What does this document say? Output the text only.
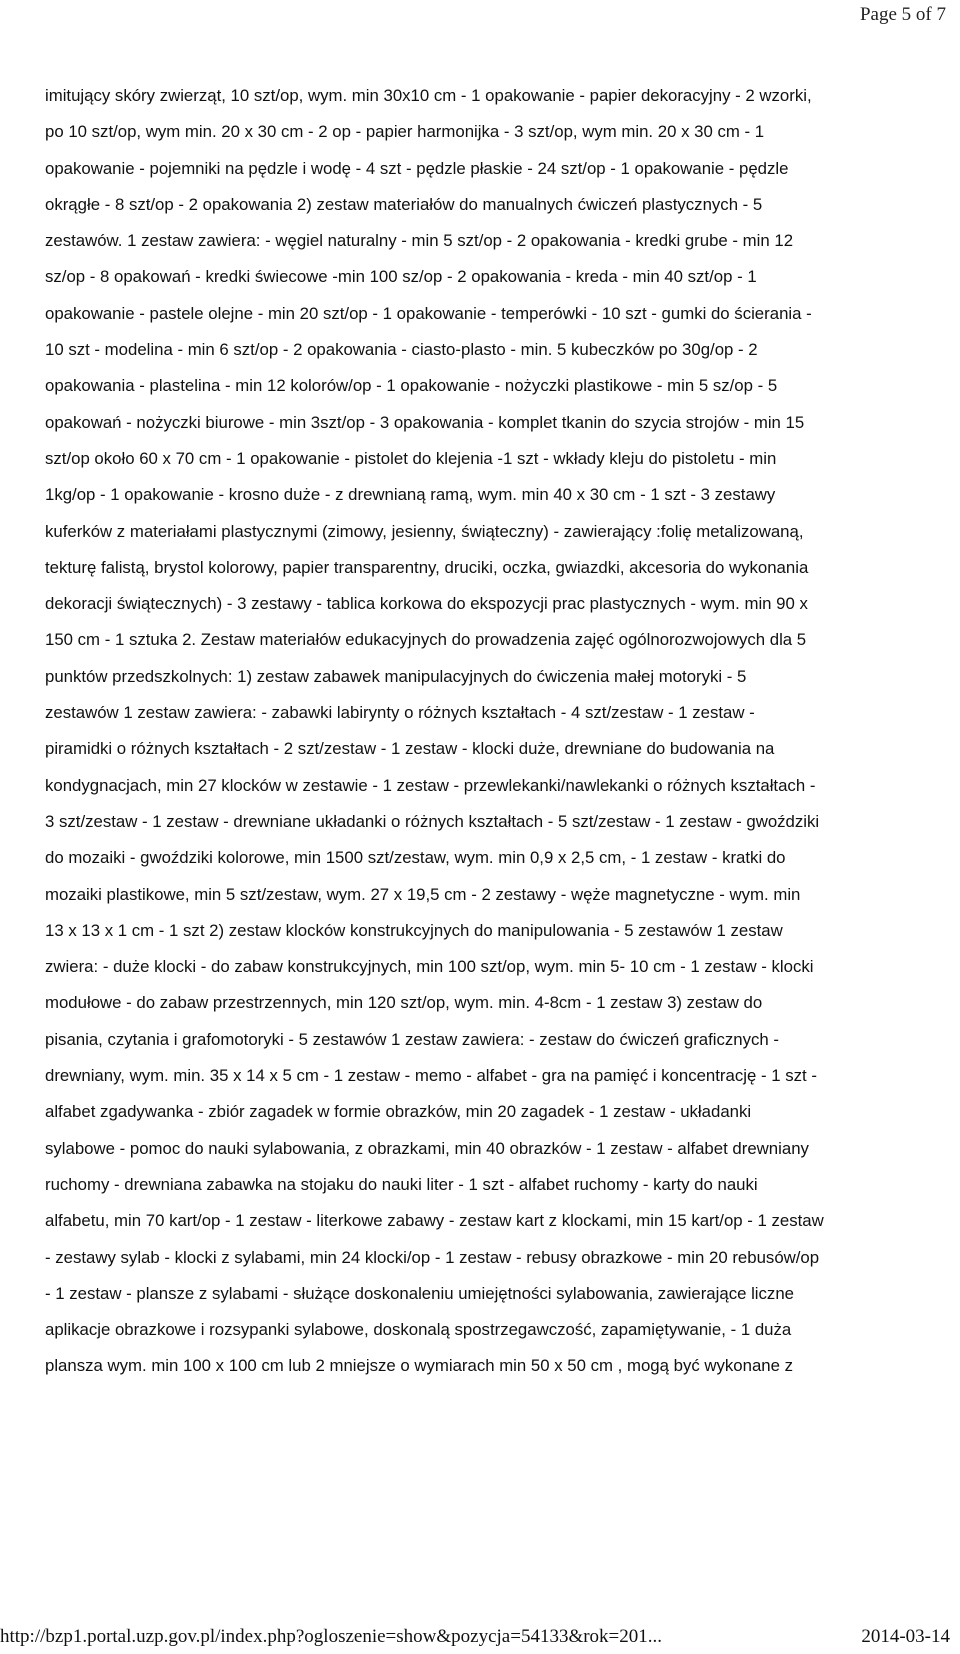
Page 5 of 7
imitujący skóry zwierząt, 10 szt/op, wym. min 30x10 cm - 1 opakowanie - papier dekoracyjny - 2 wzorki,
po 10 szt/op, wym min. 20 x 30 cm - 2 op - papier harmonijka - 3 szt/op, wym min. 20 x 30 cm - 1
opakowanie - pojemniki na pędzle i wodę - 4 szt - pędzle płaskie - 24 szt/op - 1 opakowanie - pędzle
okrągłe - 8 szt/op - 2 opakowania 2) zestaw materiałów do manualnych ćwiczeń plastycznych - 5
zestawów. 1 zestaw zawiera: - węgiel naturalny - min 5 szt/op - 2 opakowania - kredki grube - min 12
sz/op - 8 opakowań - kredki świecowe -min 100 sz/op - 2 opakowania - kreda - min 40 szt/op - 1
opakowanie - pastele olejne - min 20 szt/op - 1 opakowanie - temperówki - 10 szt - gumki do ścierania -
10 szt - modelina - min 6 szt/op - 2 opakowania - ciasto-plasto - min. 5 kubeczków po 30g/op - 2
opakowania - plastelina - min 12 kolorów/op - 1 opakowanie - nożyczki plastikowe - min 5 sz/op - 5
opakowań - nożyczki biurowe - min 3szt/op - 3 opakowania - komplet tkanin do szycia strojów - min 15
szt/op około 60 x 70 cm - 1 opakowanie - pistolet do klejenia -1 szt - wkłady kleju do pistoletu - min
1kg/op - 1 opakowanie - krosno duże - z drewnianą ramą, wym. min 40 x 30 cm - 1 szt - 3 zestawy
kuferków z materiałami plastycznymi (zimowy, jesienny, świąteczny) - zawierający :folię metalizowaną,
tekturę falistą, brystol kolorowy, papier transparentny, druciki, oczka, gwiazdki, akcesoria do wykonania
dekoracji świątecznych) - 3 zestawy - tablica korkowa do ekspozycji prac plastycznych - wym. min 90 x
150 cm - 1 sztuka 2. Zestaw materiałów edukacyjnych do prowadzenia zajęć ogólnorozwojowych dla 5
punktów przedszkolnych: 1) zestaw zabawek manipulacyjnych do ćwiczenia małej motoryki - 5
zestawów 1 zestaw zawiera: - zabawki labirynty o różnych kształtach - 4 szt/zestaw - 1 zestaw -
piramidki o różnych kształtach - 2 szt/zestaw - 1 zestaw - klocki duże, drewniane do budowania na
kondygnacjach, min 27 klocków w zestawie - 1 zestaw - przewlekanki/nawlekanki o różnych kształtach -
3 szt/zestaw - 1 zestaw - drewniane układanki o różnych kształtach - 5 szt/zestaw - 1 zestaw - gwoździki
do mozaiki - gwoździki kolorowe, min 1500 szt/zestaw, wym. min 0,9 x 2,5 cm, - 1 zestaw - kratki do
mozaiki plastikowe, min 5 szt/zestaw, wym. 27 x 19,5 cm - 2 zestawy - węże magnetyczne - wym. min
13 x 13 x 1 cm - 1 szt 2) zestaw klocków konstrukcyjnych do manipulowania - 5 zestawów 1 zestaw
zwiera: - duże klocki - do zabaw konstrukcyjnych, min 100 szt/op, wym. min 5- 10 cm - 1 zestaw - klocki
modułowe - do zabaw przestrzennych, min 120 szt/op, wym. min. 4-8cm - 1 zestaw 3) zestaw do
pisania, czytania i grafomotoryki - 5 zestawów 1 zestaw zawiera: - zestaw do ćwiczeń graficznych -
drewniany, wym. min. 35 x 14 x 5 cm - 1 zestaw - memo - alfabet - gra na pamięć i koncentrację - 1 szt -
alfabet zgadywanka - zbiór zagadek w formie obrazków, min 20 zagadek - 1 zestaw - układanki
sylabowe - pomoc do nauki sylabowania, z obrazkami, min 40 obrazków - 1 zestaw - alfabet drewniany
ruchomy - drewniana zabawka na stojaku do nauki liter - 1 szt - alfabet ruchomy - karty do nauki
alfabetu, min 70 kart/op - 1 zestaw - literkowe zabawy - zestaw kart z klockami, min 15 kart/op - 1 zestaw
- zestawy sylab - klocki z sylabami, min 24 klocki/op - 1 zestaw - rebusy obrazkowe - min 20 rebusów/op
- 1 zestaw - plansze z sylabami - służące doskonaleniu umiejętności sylabowania, zawierające liczne
aplikacje obrazkowe i rozsypanki sylabowe, doskonalą spostrzegawczość, zapamiętywanie, - 1 duża
plansza wym. min 100 x 100 cm lub 2 mniejsze o wymiarach min 50 x 50 cm , mogą być wykonane z
http://bzp1.portal.uzp.gov.pl/index.php?ogloszenie=show&pozycja=54133&rok=201...	2014-03-14
